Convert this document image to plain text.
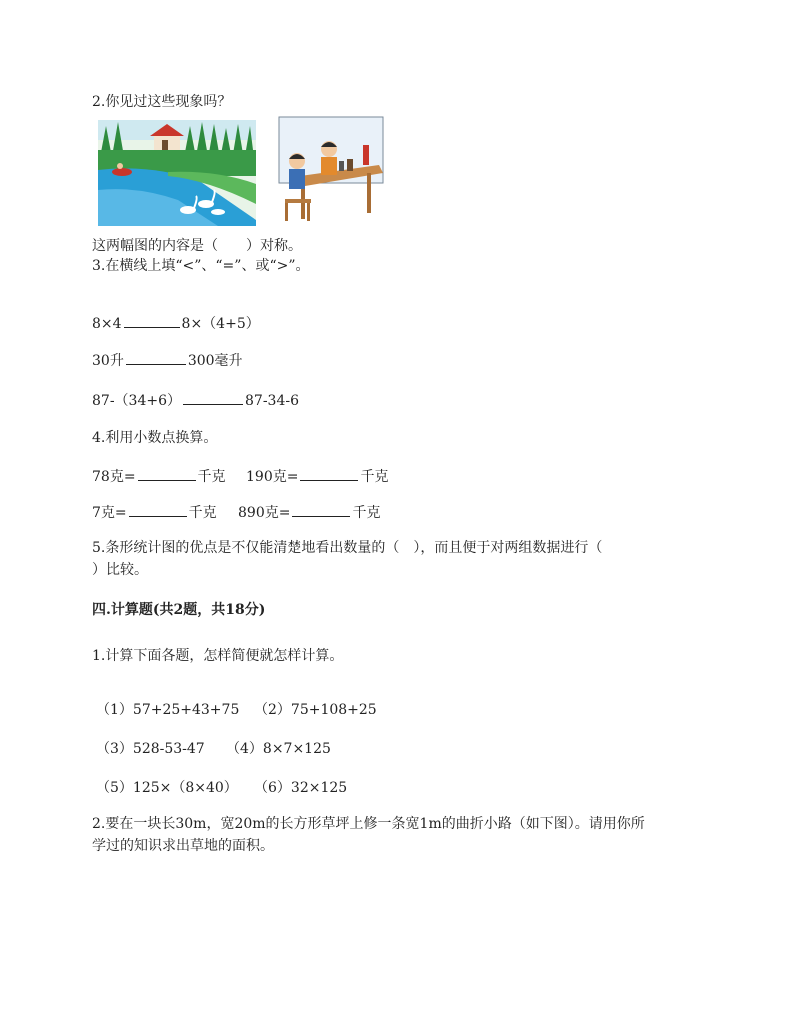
2.你见过这些现象吗？
这两幅图的内容是（　　）对称。
3.在横线上填“<”、“=”、或“>”。
8×4	8×（4+5）
30升	300毫升
87-（34+6）	87-34-6
4.利用小数点换算。
78克=	千克 190克=	千克
7克=	千克 890克=	千克
5.条形统计图的优点是不仅能清楚地看出数量的（　），而且便于对两组数据进行（
）比较。
四.计算题(共2题，共18分)
1.计算下面各题，怎样简便就怎样计算。
（1）57+25+43+75 （2）75+108+25
（3）528-53-47 （4）8×7×125
（5）125×（8×40） （6）32×125
2.要在一块长30m，宽20m的长方形草坪上修一条宽1m的曲折小路（如下图）。请用你所
学过的知识求出草地的面积。
